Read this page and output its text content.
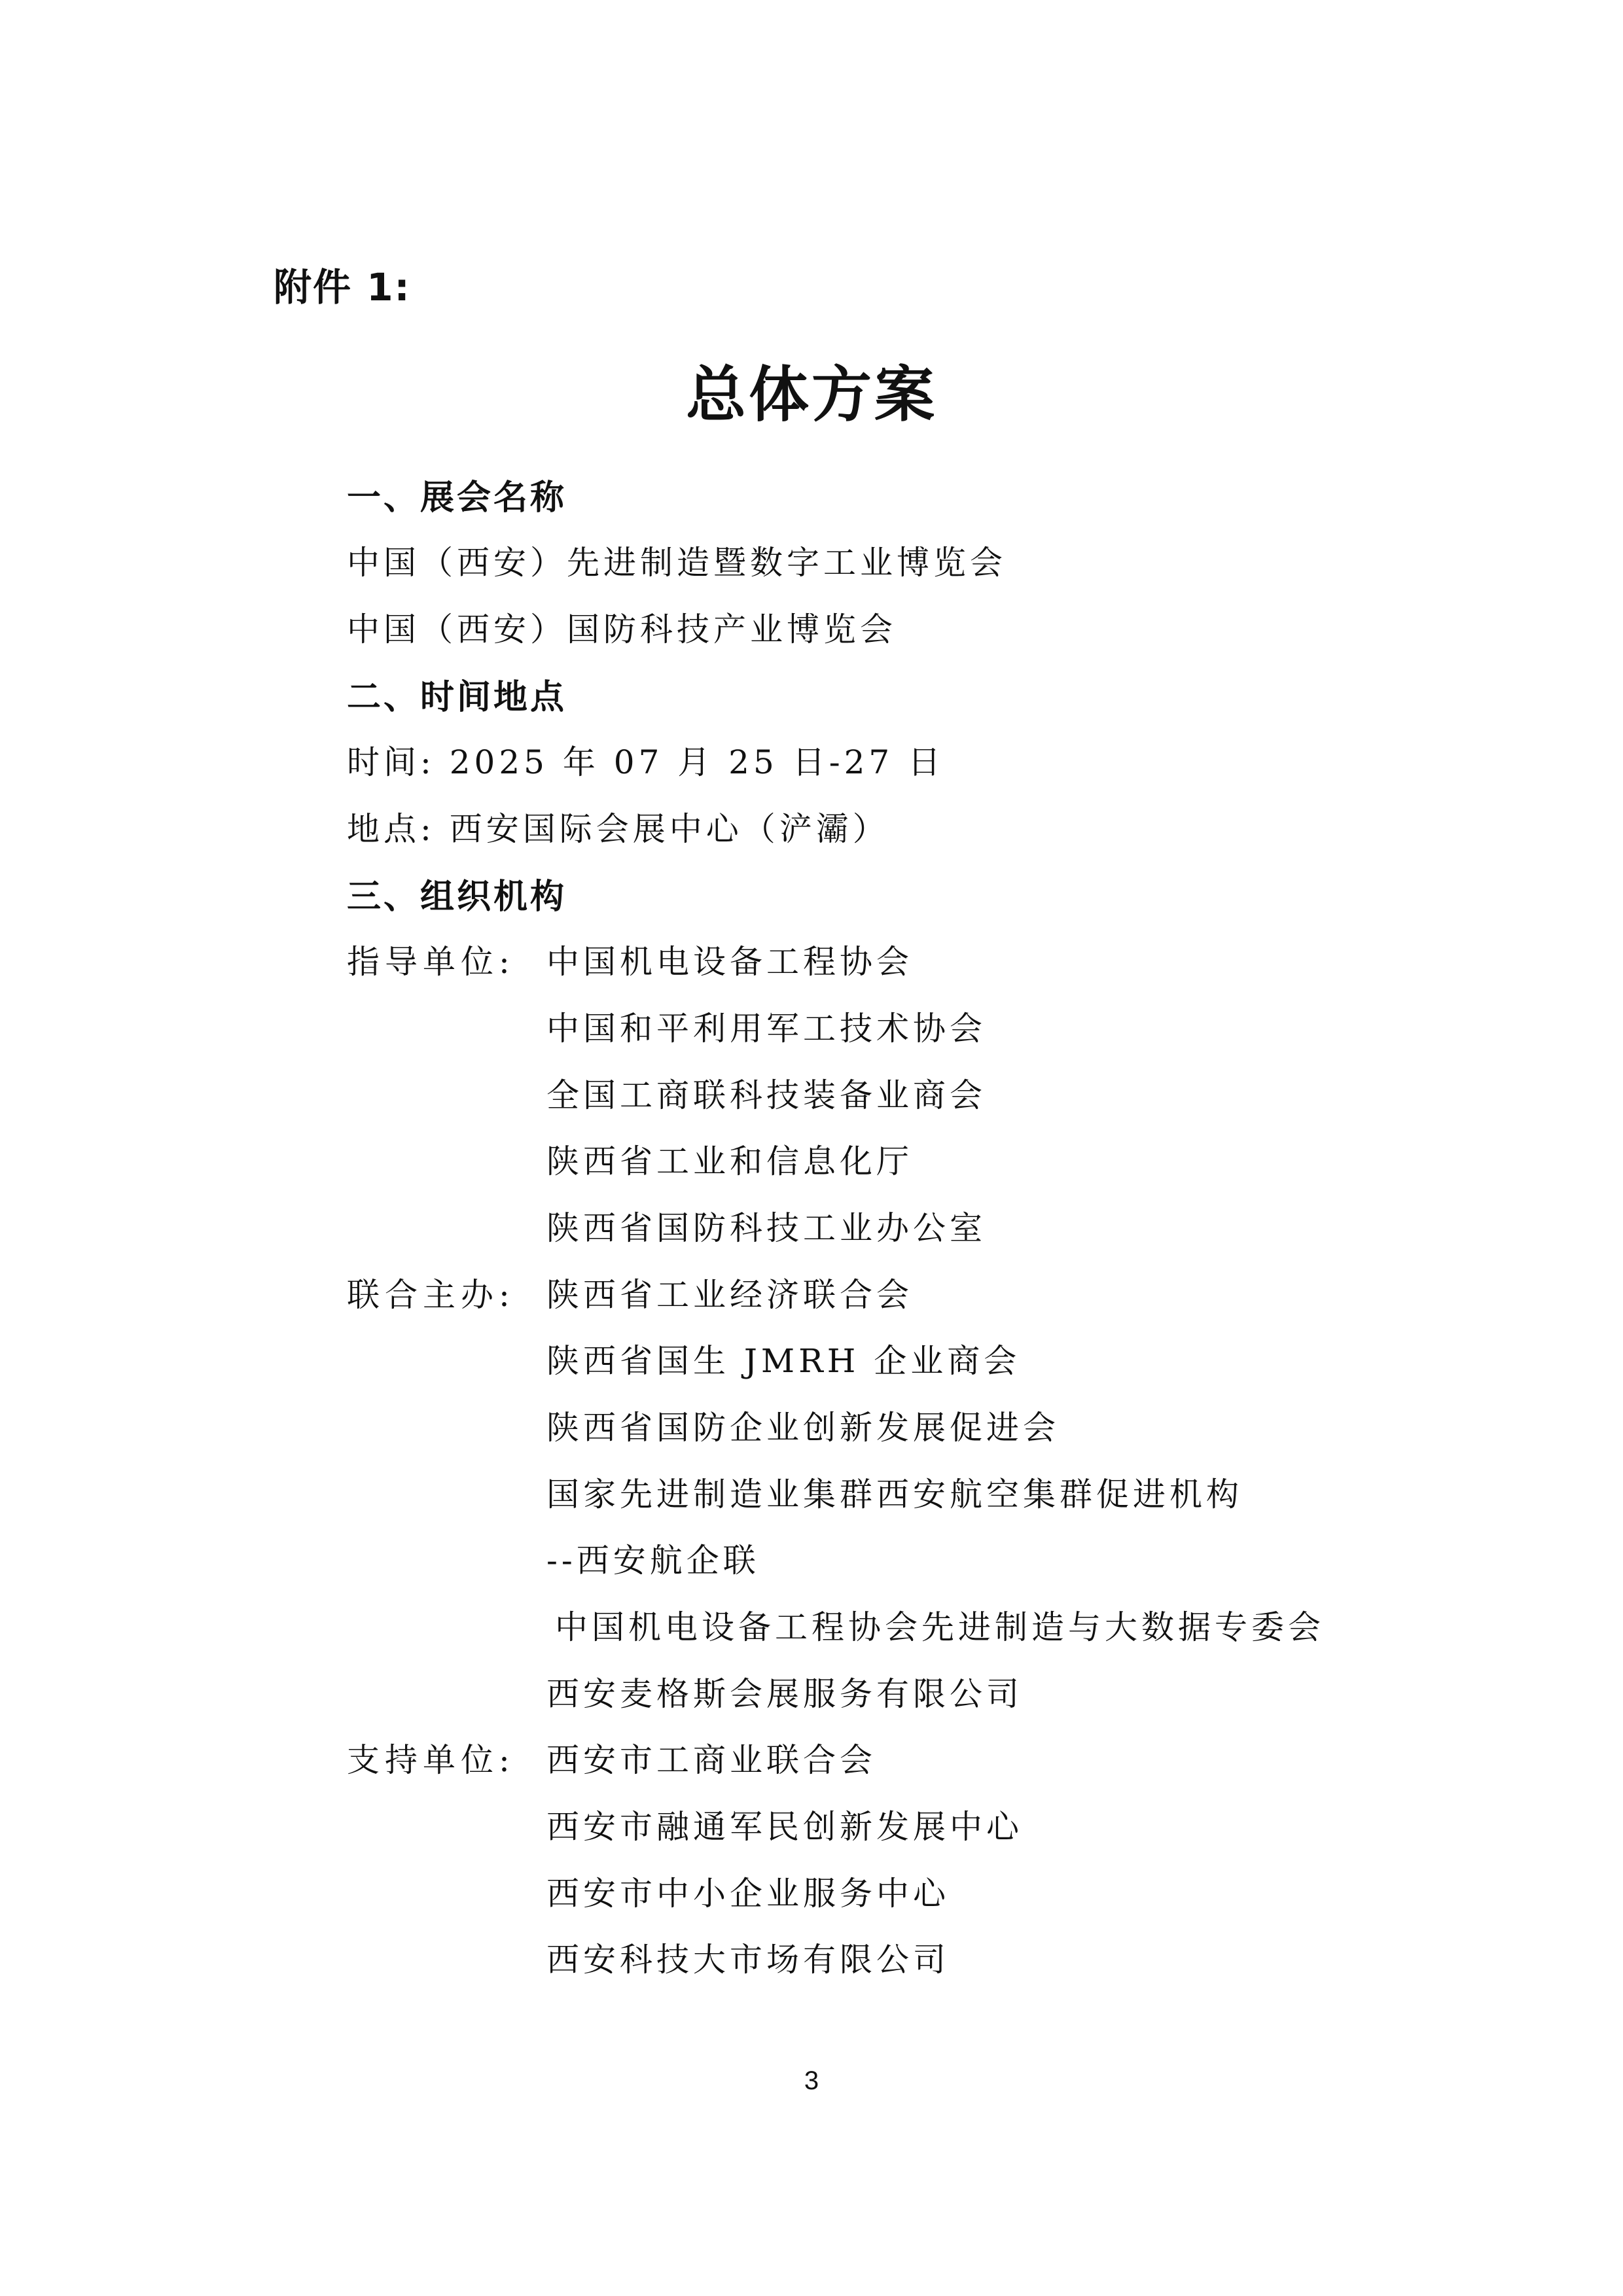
附件 1:
总体方案
一、展会名称
中国（西安）先进制造暨数字工业博览会
中国（西安）国防科技产业博览会
二、时间地点
时间: 2025 年 07 月 25 日-27 日
地点: 西安国际会展中心（浐灞）
三、组织机构
指导单位: 中国机电设备工程协会
中国和平利用军工技术协会
全国工商联科技装备业商会
陕西省工业和信息化厅
陕西省国防科技工业办公室
联合主办: 陕西省工业经济联合会
陕西省国生 JMRH 企业商会
陕西省国防企业创新发展促进会
国家先进制造业集群西安航空集群促进机构
--西安航企联
中国机电设备工程协会先进制造与大数据专委会
西安麦格斯会展服务有限公司
支持单位: 西安市工商业联合会
西安市融通军民创新发展中心
西安市中小企业服务中心
西安科技大市场有限公司
3
